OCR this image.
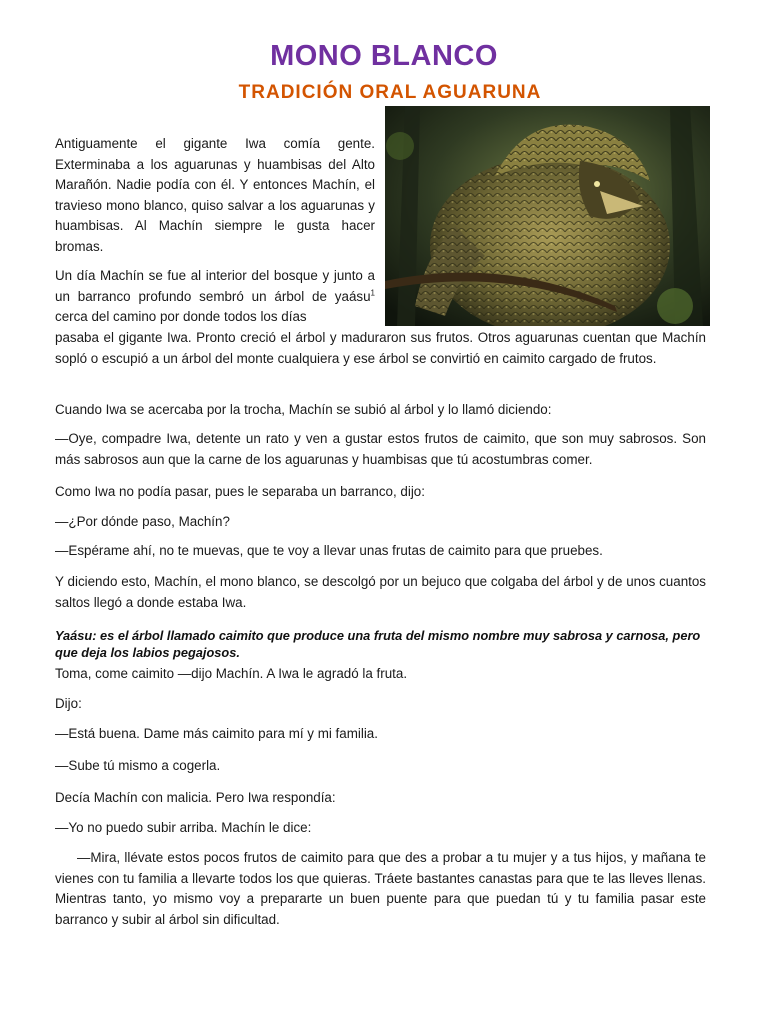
MONO BLANCO
TRADICIÓN ORAL AGUARUNA

Antiguamente el gigante Iwa comía gente. Exterminaba a los aguarunas y huambisas del Alto Marañón. Nadie podía con él. Y entonces Machín, el travieso mono blanco, quiso salvar a los aguarunas y huambisas. Al Machín siempre le gusta hacer bromas.

Un día Machín se fue al interior del bosque y junto a un barranco profundo sembró un árbol de yaásu$^1$ cerca del camino por donde todos los días

pasaba el gigante Iwa. Pronto creció el árbol y maduraron sus frutos. Otros aguarunas cuentan que Machín sopló o escupió a un árbol del monte cualquiera y ese árbol se convirtió en caimito cargado de frutos.

Cuando Iwa se acercaba por la trocha, Machín se subió al árbol y lo llamó diciendo:

—Oye, compadre Iwa, detente un rato y ven a gustar estos frutos de caimito, que son muy sabrosos. Son más sabrosos aun que la carne de los aguarunas y huambisas que tú acostumbras comer.

Como Iwa no podía pasar, pues le separaba un barranco, dijo:

—¿Por dónde paso, Machín?

—Espérame ahí, no te muevas, que te voy a llevar unas frutas de caimito para que pruebes.

Y diciendo esto, Machín, el mono blanco, se descolgó por un bejuco que colgaba del árbol y de unos cuantos saltos llegó a donde estaba Iwa.

Yaásu: es el árbol llamado caimito que produce una fruta del mismo nombre muy sabrosa y carnosa, pero que deja los labios pegajosos.

Toma, come caimito —dijo Machín. A Iwa le agradó la fruta.

Dijo:

—Está buena. Dame más caimito para mí y mi familia.

—Sube tú mismo a cogerla.

Decía Machín con malicia. Pero Iwa respondía:

—Yo no puedo subir arriba. Machín le dice:

—Mira, llévate estos pocos frutos de caimito para que des a probar a tu mujer y a tus hijos, y mañana te vienes con tu familia a llevarte todos los que quieras. Tráete bastantes canastas para que te las lleves llenas. Mientras tanto, yo mismo voy a prepararte un buen puente para que puedan tú y tu familia pasar este barranco y subir al árbol sin dificultad.
